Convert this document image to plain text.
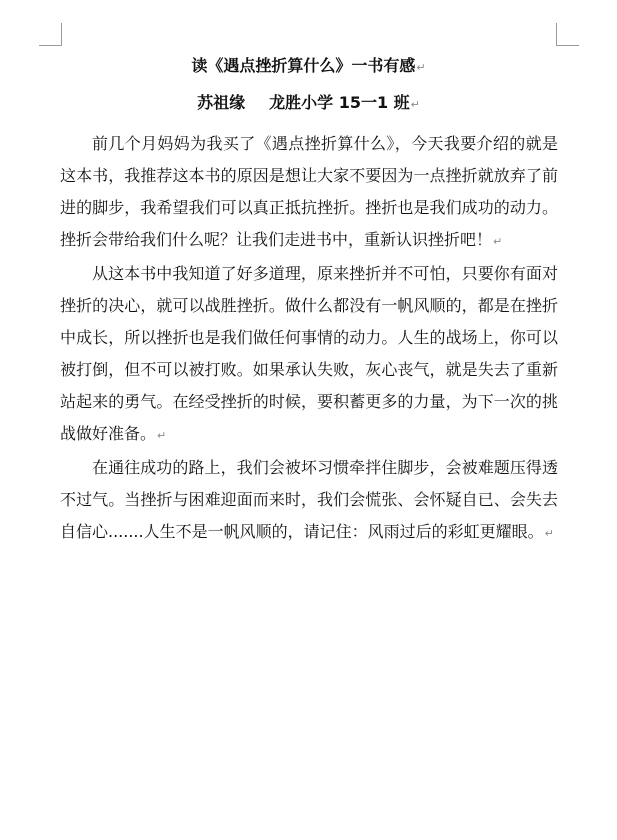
读《遇点挫折算什么》一书有感↵
苏祖缘 龙胜小学 15一1 班↵

前几个月妈妈为我买了《遇点挫折算什么》，今天我要介绍的就是这本书，我推荐这本书的原因是想让大家不要因为一点挫折就放弃了前进的脚步，我希望我们可以真正抵抗挫折。挫折也是我们成功的动力。挫折会带给我们什么呢？让我们走进书中，重新认识挫折吧！↵

从这本书中我知道了好多道理，原来挫折并不可怕，只要你有面对挫折的决心，就可以战胜挫折。做什么都没有一帆风顺的，都是在挫折中成长，所以挫折也是我们做任何事情的动力。人生的战场上，你可以被打倒，但不可以被打败。如果承认失败，灰心丧气，就是失去了重新站起来的勇气。在经受挫折的时候，要积蓄更多的力量，为下一次的挑战做好准备。↵

在通往成功的路上，我们会被坏习惯牵拌住脚步，会被难题压得透不过气。当挫折与困难迎面而来时，我们会慌张、会怀疑自已、会失去自信心.......人生不是一帆风顺的，请记住：风雨过后的彩虹更耀眼。↵
